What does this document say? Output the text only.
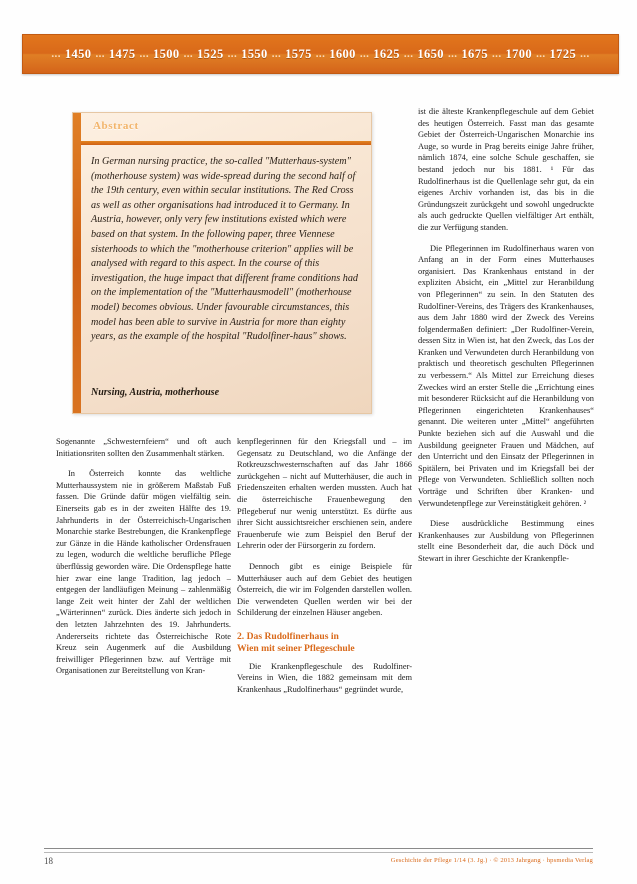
... 1450 ... 1475 ... 1500 ... 1525 ... 1550 ... 1575 ... 1600 ... 1625 ... 1650 ... 1675 ... 1700 ... 1725 ...
Abstract
In German nursing practice, the so-called "Mutterhaus-system" (motherhouse system) was wide-spread during the second half of the 19th century, even within secular institutions. The Red Cross as well as other organisations had introduced it to Germany. In Austria, however, only very few institutions existed which were based on that system. In the following paper, three Viennese sisterhoods to which the "motherhouse criterion" applies will be analysed with regard to this aspect. In the course of this investigation, the huge impact that different frame conditions had on the implementation of the "Mutterhausmodell" (motherhouse model) becomes obvious. Under favourable circumstances, this model has been able to survive in Austria for more than eighty years, as the example of the hospital "Rudolfiner-haus" shows.
Nursing, Austria, motherhouse

Sogenannte „Schwesternfeiern“ und oft auch Initiationsriten sollten den Zusammenhalt stärken.

In Österreich konnte das weltliche Mutterhaussystem nie in größerem Maßstab Fuß fassen. Die Gründe dafür mögen vielfältig sein. Einerseits gab es in der zweiten Hälfte des 19. Jahrhunderts in der Österreichisch-Ungarischen Monarchie starke Bestrebungen, die Krankenpflege zur Gänze in die Hände katholischer Ordensfrauen zu legen, wodurch die weltliche berufliche Pflege überflüssig geworden wäre. Die Ordenspflege hatte hier zwar eine lange Tradition, lag jedoch – entgegen der landläufigen Meinung – zahlenmäßig lange Zeit weit hinter der Zahl der weltlichen „Wärterinnen“ zurück. Dies änderte sich jedoch in den letzten Jahrzehnten des 19. Jahrhunderts. Andererseits richtete das Österreichische Rote Kreuz sein Augenmerk auf die Ausbildung freiwilliger Pflegerinnen bzw. auf Verträge mit Organisationen zur Bereitstellung von Kran-

kenpflegerinnen für den Kriegsfall und – im Gegensatz zu Deutschland, wo die Anfänge der Rotkreuzschwesternschaften auf das Jahr 1866 zurückgehen – nicht auf Mutterhäuser, die auch in Friedenszeiten erhalten werden mussten. Auch hat die österreichische Frauenbewegung den Pflegeberuf nur wenig unterstützt. Es dürfte aus ihrer Sicht aussichtsreicher erschienen sein, andere Frauenberufe wie zum Beispiel den Beruf der Lehrerin oder der Fürsorgerin zu fordern.

Dennoch gibt es einige Beispiele für Mutterhäuser auch auf dem Gebiet des heutigen Österreich, die wir im Folgenden darstellen wollen. Die verwendeten Quellen werden wir bei der Schilderung der einzelnen Häuser angeben.

2. Das Rudolfinerhaus in
Wien mit seiner Pflegeschule

Die Krankenpflegeschule des Rudolfiner-Vereins in Wien, die 1882 gemeinsam mit dem Krankenhaus „Rudolfinerhaus“ gegründet wurde,

ist die älteste Krankenpflegeschule auf dem Gebiet des heutigen Österreich. Fasst man das gesamte Gebiet der Österreich-Ungarischen Monarchie ins Auge, so wurde in Prag bereits einige Jahre früher, nämlich 1874, eine solche Schule geschaffen, sie bestand jedoch nur bis 1881. ¹ Für das Rudolfinerhaus ist die Quellenlage sehr gut, da ein eigenes Archiv vorhanden ist, das bis in die Gründungszeit zurückgeht und sowohl ungedruckte als auch gedruckte Quellen vielfältiger Art enthält, die zur Verfügung standen.

Die Pflegerinnen im Rudolfinerhaus waren von Anfang an in der Form eines Mutterhauses organisiert. Das Krankenhaus entstand in der expliziten Absicht, ein „Mittel zur Heranbildung von Pflegerinnen“ zu sein. In den Statuten des Rudolfiner-Vereins, des Trägers des Krankenhauses, aus dem Jahr 1880 wird der Zweck des Vereins folgendermaßen definiert: „Der Rudolfiner-Verein, dessen Sitz in Wien ist, hat den Zweck, das Los der Kranken und Verwundeten durch Heranbildung von praktisch und theoretisch geschulten Pflegerinnen zu verbessern.“ Als Mittel zur Erreichung dieses Zweckes wird an erster Stelle die „Errichtung eines mit besonderer Rücksicht auf die Heranbildung von Pflegerinnen eingerichteten Krankenhauses“ genannt. Die weiteren unter „Mittel“ angeführten Punkte beziehen sich auf die Auswahl und die Ausbildung geeigneter Frauen und Mädchen, auf den Unterricht und den Einsatz der Pflegerinnen in Spitälern, bei Privaten und im Kriegsfall bei der Pflege von Verwundeten. Schließlich sollten noch Vorträge und Schriften über Kranken- und Verwundetenpflege zur Vereinstätigkeit gehören. ²

Diese ausdrückliche Bestimmung eines Krankenhauses zur Ausbildung von Pflegerinnen stellt eine Besonderheit dar, die auch Döck und Stewart in ihrer Geschichte der Krankenpfle-

18	Geschichte der Pflege 1/14 (3. Jg.) · © 2013 Jahrgang · hpsmedia Verlag
